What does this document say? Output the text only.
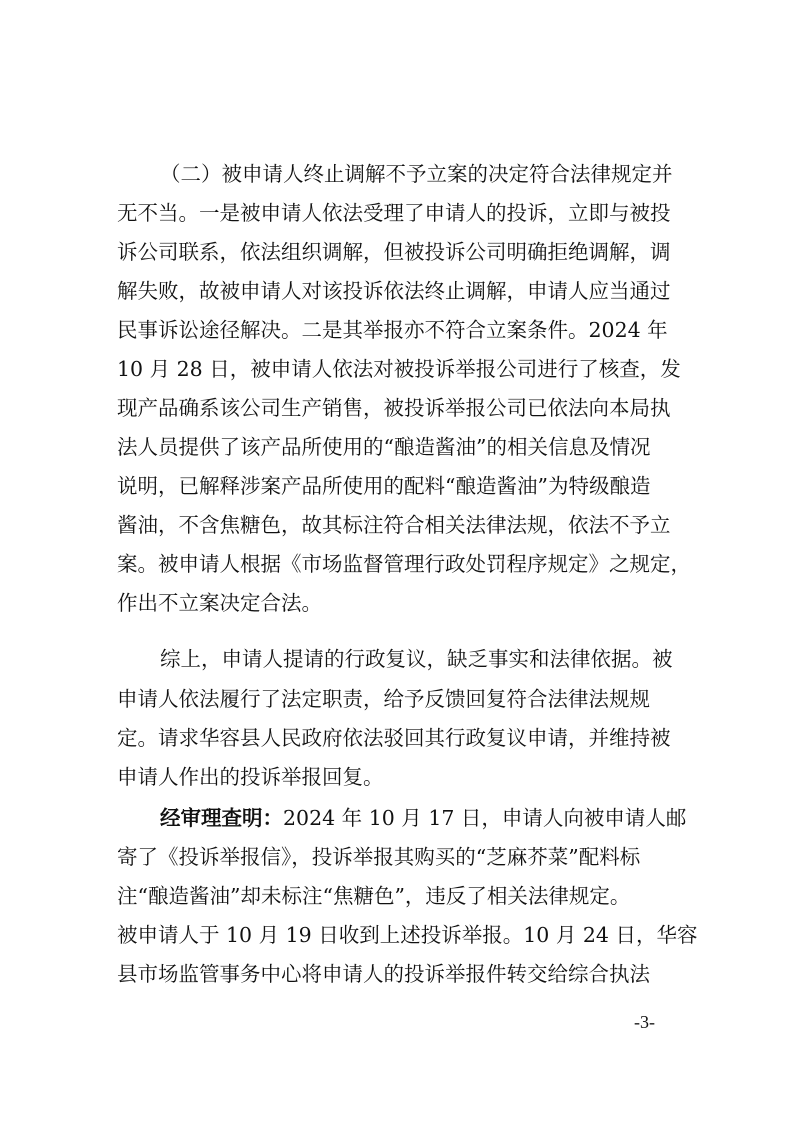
（二）被申请人终止调解不予立案的决定符合法律规定并
无不当。一是被申请人依法受理了申请人的投诉，立即与被投
诉公司联系，依法组织调解，但被投诉公司明确拒绝调解，调
解失败，故被申请人对该投诉依法终止调解，申请人应当通过
民事诉讼途径解决。二是其举报亦不符合立案条件。2024 年
10 月 28 日，被申请人依法对被投诉举报公司进行了核查，发
现产品确系该公司生产销售，被投诉举报公司已依法向本局执
法人员提供了该产品所使用的“酿造酱油”的相关信息及情况
说明，已解释涉案产品所使用的配料“酿造酱油”为特级酿造
酱油，不含焦糖色，故其标注符合相关法律法规，依法不予立
案。被申请人根据《市场监督管理行政处罚程序规定》之规定，
作出不立案决定合法。
综上，申请人提请的行政复议，缺乏事实和法律依据。被
申请人依法履行了法定职责，给予反馈回复符合法律法规规
定。请求华容县人民政府依法驳回其行政复议申请，并维持被
申请人作出的投诉举报回复。
经审理查明： 2024 年 10 月 17 日，申请人向被申请人邮
寄了《投诉举报信》，投诉举报其购买的“芝麻芥菜”配料标
注“酿造酱油”却未标注“焦糖色”，违反了相关法律规定。
被申请人于 10 月 19 日收到上述投诉举报。10 月 24 日，华容
县市场监管事务中心将申请人的投诉举报件转交给综合执法
-3-
